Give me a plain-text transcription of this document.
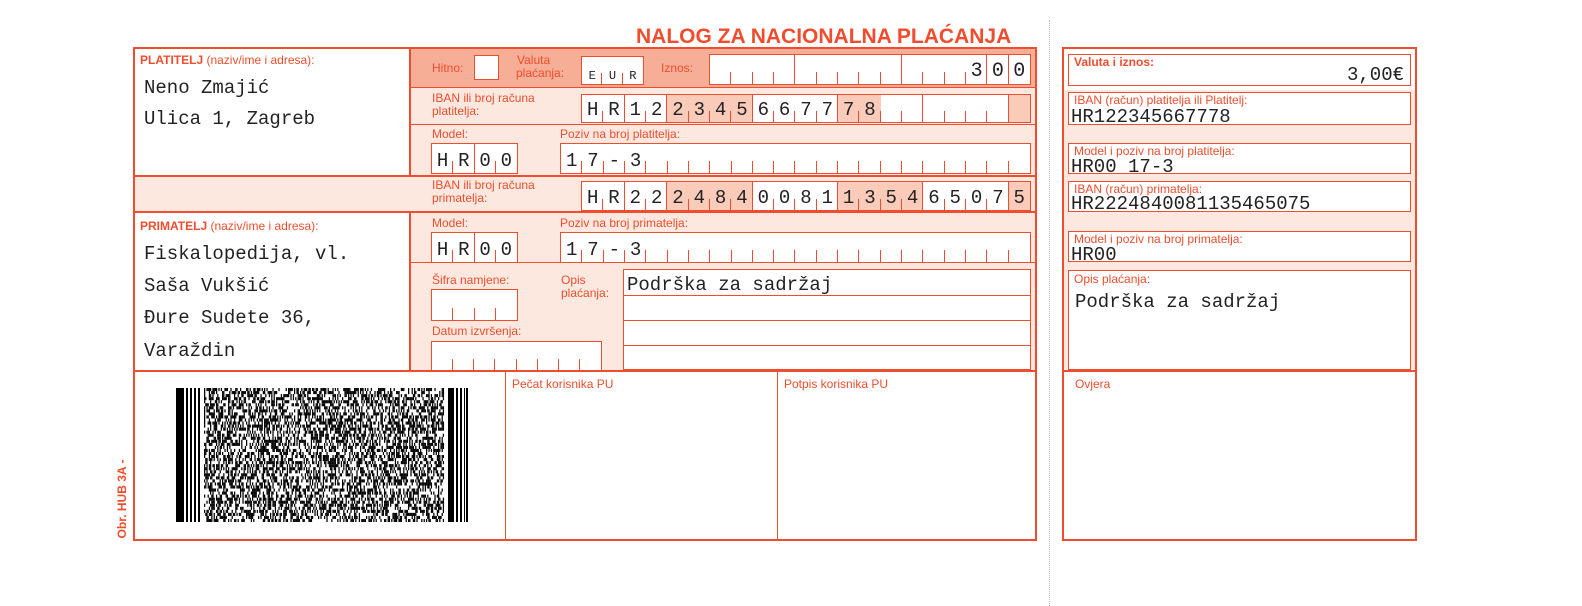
NALOG ZA NACIONALNA PLAĆANJA
Obr. HUB 3A -
PLATITELJ (naziv/ime i adresa):
Neno Zmajić
Ulica 1, Zagreb
PRIMATELJ (naziv/ime i adresa):
Fiskalopedija, vl.
Saša Vukšić
Đure Sudete 36,
Varaždin
Hitno:
Valuta
plaćanja:	E	U	R
Iznos:	3 0 0
IBAN ili broj računa
platitelja:	H R 1 2 2 3 4 5 6 6 7 7 7 8
Model:	Poziv na broj platitelja:
H R 0 0	1 7 - 3
IBAN ili broj računa
primatelja:	H R 2 2 2 4 8 4 0 0 8 1 1 3 5 4 6 5 0 7 5
Model:	Poziv na broj primatelja:
H R 0 0	1 7 - 3
Šifra namjene:	Opis
plaćanja: Podrška za sadržaj
Datum izvršenja:
Pečat korisnika PU	Potpis korisnika PU
Valuta i iznos:
3,00€
IBAN (račun) platitelja ili Platitelj:
HR122345667778
Model i poziv na broj platitelja:
HR00 17-3
IBAN (račun) primatelja:
HR2224840081135465075
Model i poziv na broj primatelja:
HR00
Opis plaćanja:
Podrška za sadržaj
Ovjera
